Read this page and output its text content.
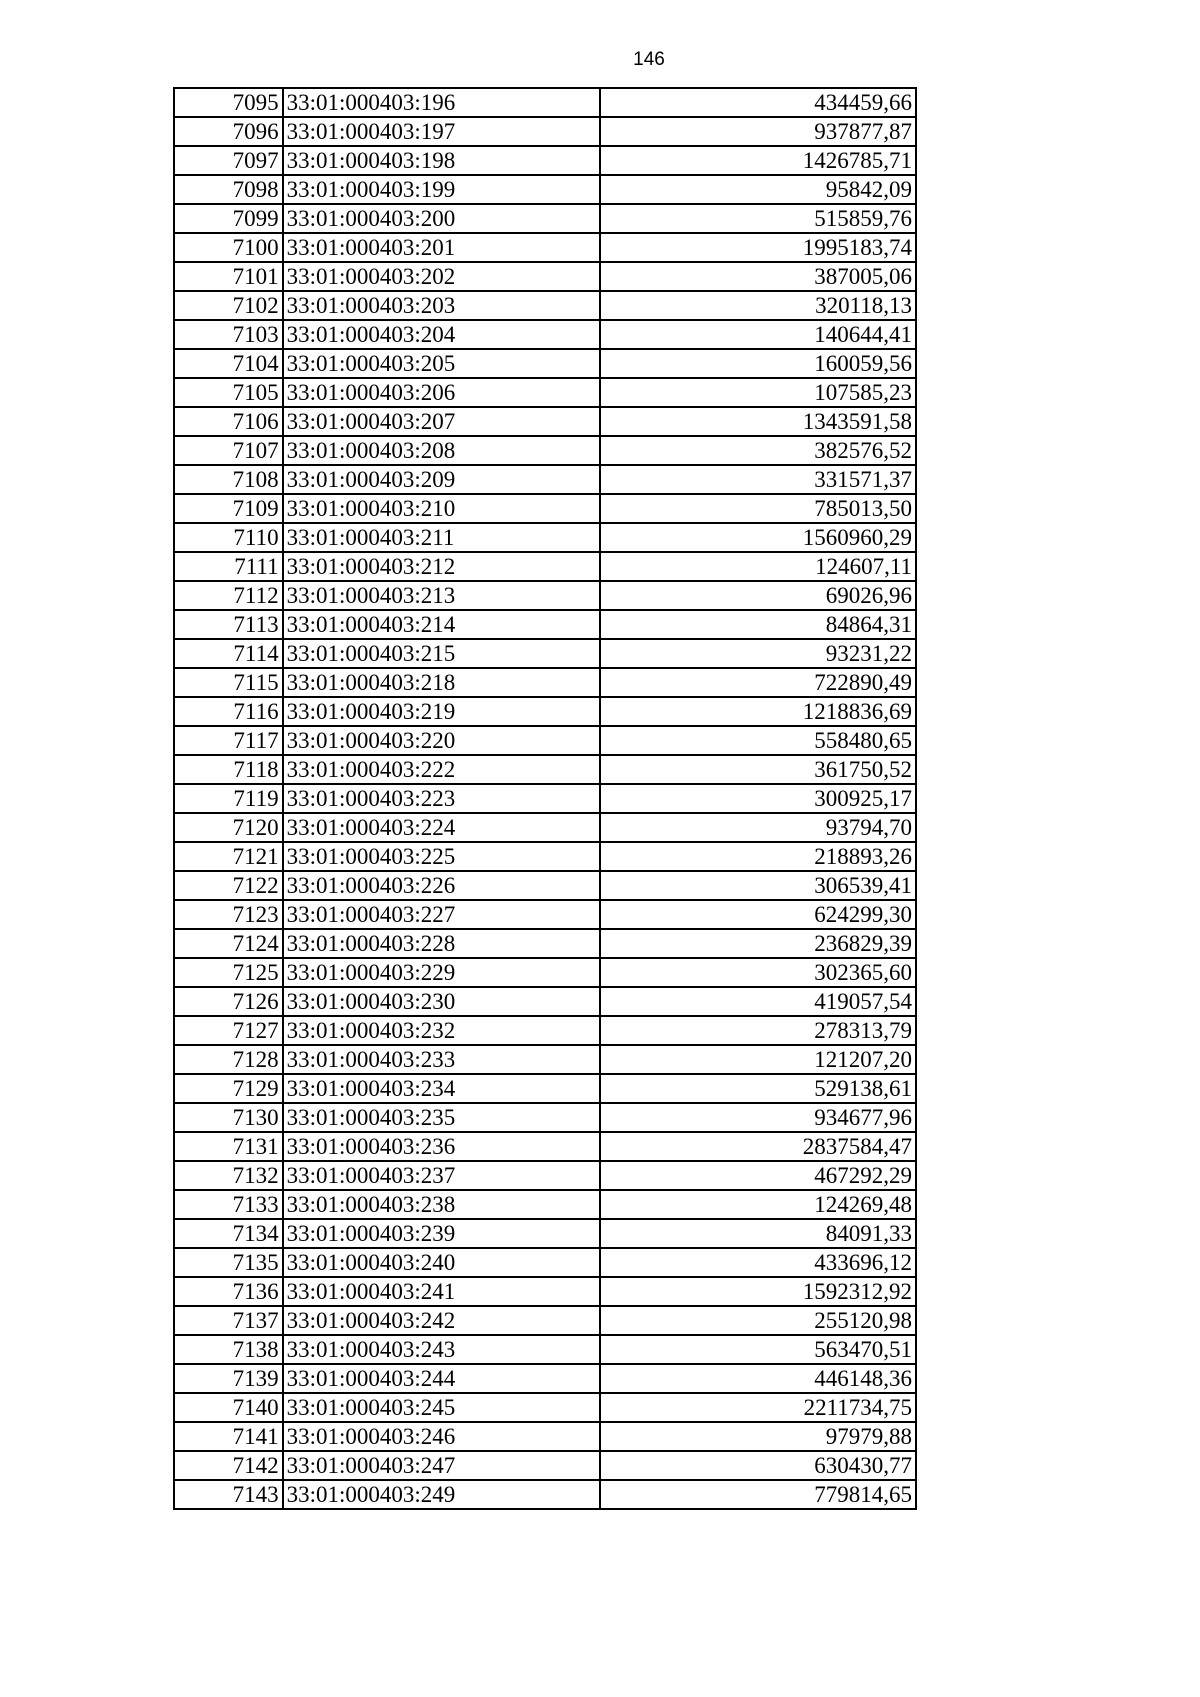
146
7095	33:01:000403:196	434459,66
7096	33:01:000403:197	937877,87
7097	33:01:000403:198	1426785,71
7098	33:01:000403:199	95842,09
7099	33:01:000403:200	515859,76
7100	33:01:000403:201	1995183,74
7101	33:01:000403:202	387005,06
7102	33:01:000403:203	320118,13
7103	33:01:000403:204	140644,41
7104	33:01:000403:205	160059,56
7105	33:01:000403:206	107585,23
7106	33:01:000403:207	1343591,58
7107	33:01:000403:208	382576,52
7108	33:01:000403:209	331571,37
7109	33:01:000403:210	785013,50
7110	33:01:000403:211	1560960,29
7111	33:01:000403:212	124607,11
7112	33:01:000403:213	69026,96
7113	33:01:000403:214	84864,31
7114	33:01:000403:215	93231,22
7115	33:01:000403:218	722890,49
7116	33:01:000403:219	1218836,69
7117	33:01:000403:220	558480,65
7118	33:01:000403:222	361750,52
7119	33:01:000403:223	300925,17
7120	33:01:000403:224	93794,70
7121	33:01:000403:225	218893,26
7122	33:01:000403:226	306539,41
7123	33:01:000403:227	624299,30
7124	33:01:000403:228	236829,39
7125	33:01:000403:229	302365,60
7126	33:01:000403:230	419057,54
7127	33:01:000403:232	278313,79
7128	33:01:000403:233	121207,20
7129	33:01:000403:234	529138,61
7130	33:01:000403:235	934677,96
7131	33:01:000403:236	2837584,47
7132	33:01:000403:237	467292,29
7133	33:01:000403:238	124269,48
7134	33:01:000403:239	84091,33
7135	33:01:000403:240	433696,12
7136	33:01:000403:241	1592312,92
7137	33:01:000403:242	255120,98
7138	33:01:000403:243	563470,51
7139	33:01:000403:244	446148,36
7140	33:01:000403:245	2211734,75
7141	33:01:000403:246	97979,88
7142	33:01:000403:247	630430,77
7143	33:01:000403:249	779814,65
